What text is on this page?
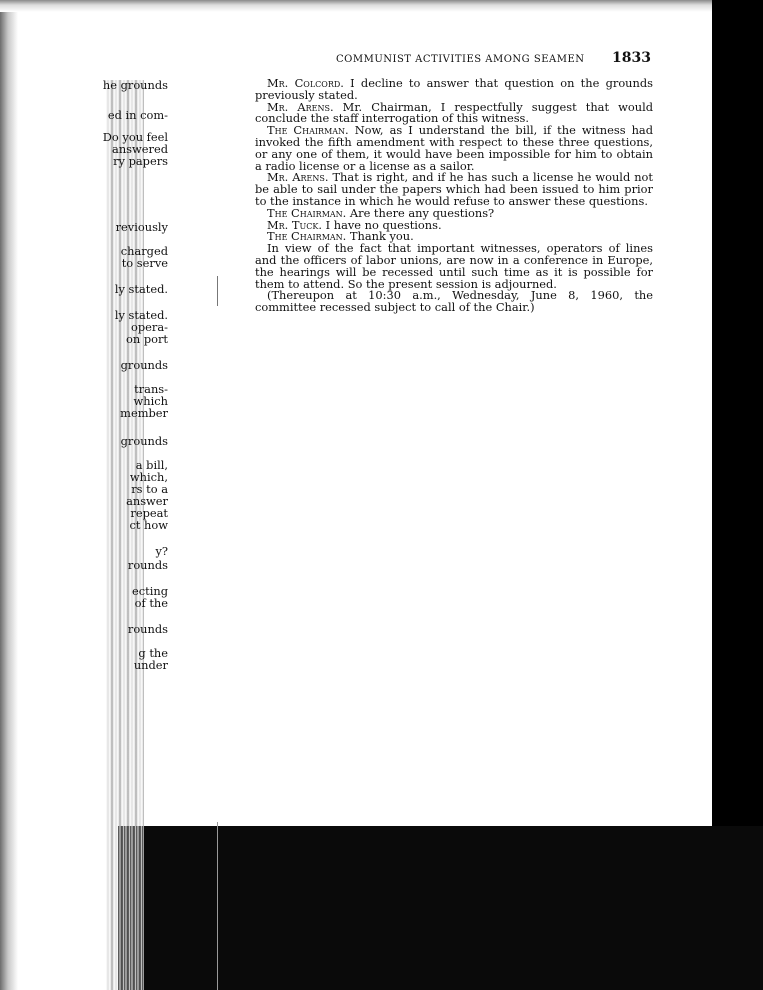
COMMUNIST ACTIVITIES AMONG SEAMEN	1833

Mr. Colcord. I decline to answer that question on the grounds previously stated.

Mr. Arens. Mr. Chairman, I respectfully suggest that would conclude the staff interrogation of this witness.

The Chairman. Now, as I understand the bill, if the witness had invoked the fifth amendment with respect to these three questions, or any one of them, it would have been impossible for him to obtain a radio license or a license as a sailor.

Mr. Arens. That is right, and if he has such a license he would not be able to sail under the papers which had been issued to him prior to the instance in which he would refuse to answer these questions.

The Chairman. Are there any questions?

Mr. Tuck. I have no questions.

The Chairman. Thank you.

In view of the fact that important witnesses, operators of lines and the officers of labor unions, are now in a conference in Europe, the hearings will be recessed until such time as it is possible for them to attend. So the present session is adjourned.

(Thereupon at 10:30 a.m., Wednesday, June 8, 1960, the committee recessed subject to call of the Chair.)

he grounds
ed in com-
Do you feel
answered
ry papers
reviously
charged
to serve
ly stated.
ly stated.
opera-
on port
grounds
trans-
which
member
grounds
a bill,
which,
rs to a
answer
repeat
ct how
y?
rounds
ecting
of the
rounds
g the
under
